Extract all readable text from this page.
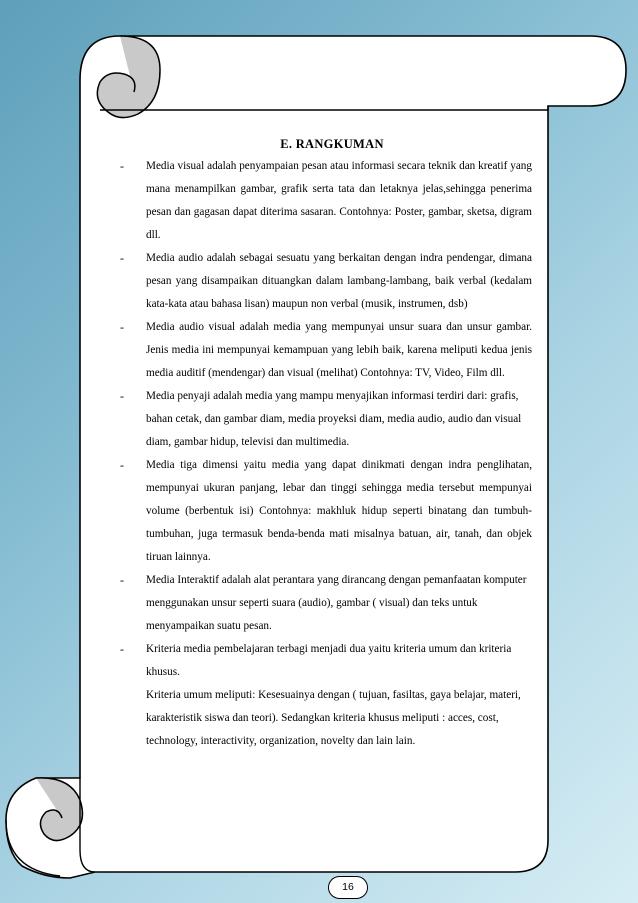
E. RANGKUMAN
- Media visual adalah penyampaian pesan atau informasi secara teknik dan kreatif yang mana menampilkan gambar, grafik serta tata dan letaknya jelas,sehingga penerima pesan dan gagasan dapat diterima sasaran. Contohnya: Poster, gambar, sketsa, digram dll.
- Media audio adalah sebagai sesuatu yang berkaitan dengan indra pendengar, dimana pesan yang disampaikan dituangkan dalam lambang-lambang, baik verbal (kedalam kata-kata atau bahasa lisan) maupun non verbal (musik, instrumen, dsb)
- Media audio visual adalah media yang mempunyai unsur suara dan unsur gambar. Jenis media ini mempunyai kemampuan yang lebih baik, karena meliputi kedua jenis media auditif (mendengar) dan visual (melihat) Contohnya: TV, Video, Film dll.
- Media penyaji adalah media yang mampu menyajikan informasi terdiri dari: grafis, bahan cetak, dan gambar diam, media proyeksi diam, media audio, audio dan visual diam, gambar hidup, televisi dan multimedia.
- Media tiga dimensi yaitu media yang dapat dinikmati dengan indra penglihatan, mempunyai ukuran panjang, lebar dan tinggi sehingga media tersebut mempunyai volume (berbentuk isi) Contohnya: makhluk hidup seperti binatang dan tumbuh-tumbuhan, juga termasuk benda-benda mati misalnya batuan, air, tanah, dan objek tiruan lainnya.
- Media Interaktif adalah alat perantara yang dirancang dengan pemanfaatan komputer menggunakan unsur seperti suara (audio), gambar ( visual) dan teks untuk menyampaikan suatu pesan.
- Kriteria media pembelajaran terbagi menjadi dua yaitu kriteria umum dan kriteria khusus.
Kriteria umum meliputi: Kesesuainya dengan ( tujuan, fasiltas, gaya belajar, materi, karakteristik siswa dan teori). Sedangkan kriteria khusus meliputi : acces, cost, technology, interactivity, organization, novelty dan lain lain.
16
